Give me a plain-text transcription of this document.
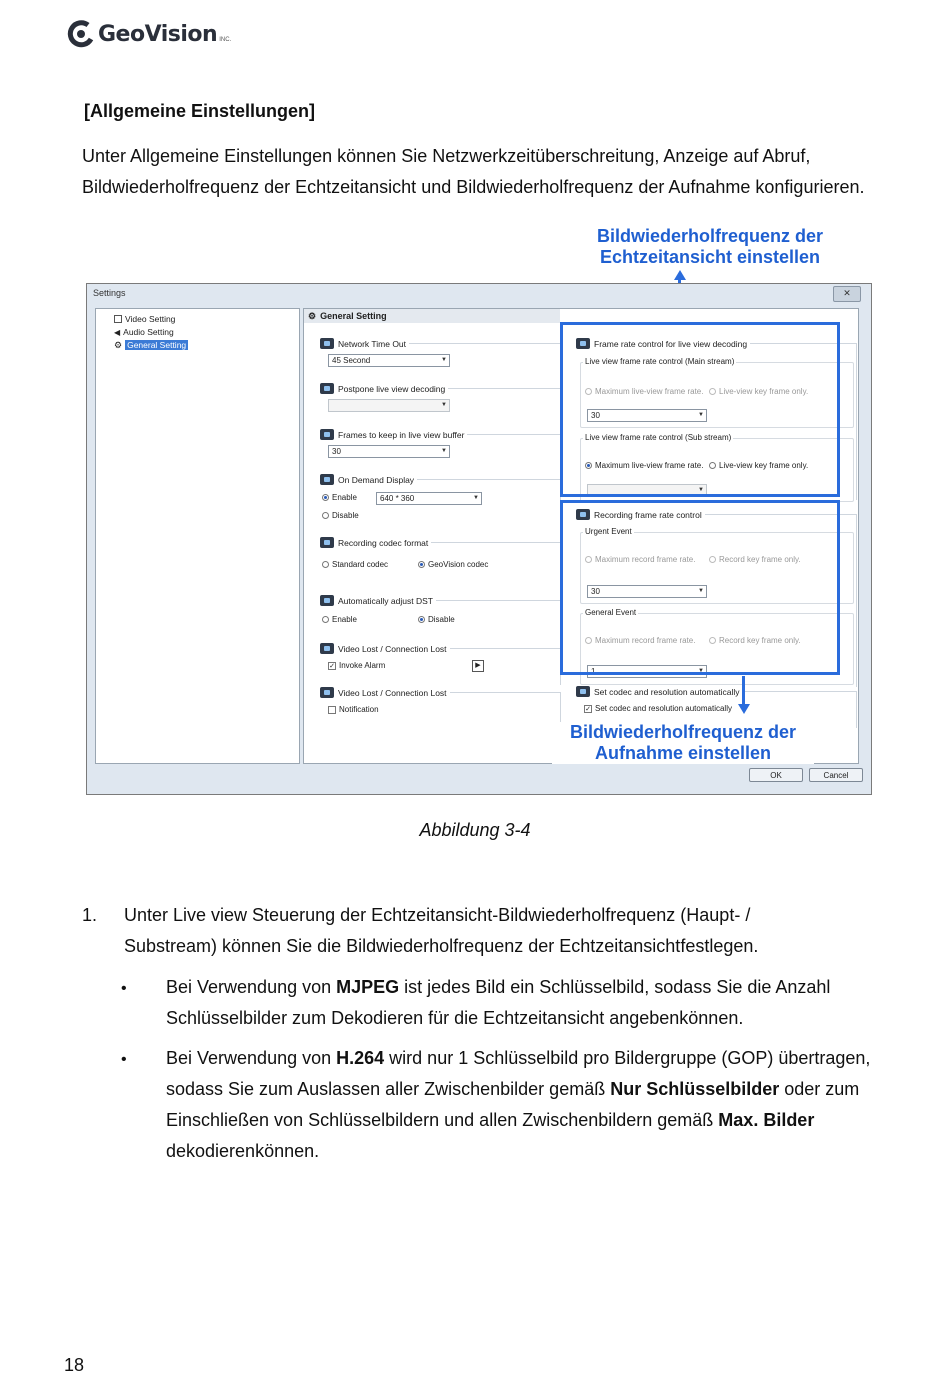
GeoVision INC.
[Allgemeine Einstellungen]
Unter Allgemeine Einstellungen können Sie Netzwerkzeitüberschreitung, Anzeige auf Abruf, Bildwiederholfrequenz der Echtzeitansicht und Bildwiederholfrequenz der Aufnahme konfigurieren.
Bildwiederholfrequenz der
Echtzeitansicht einstellen
Settings	✕
Video Setting
◀ Audio Setting
⚙ General Setting
⚙ General Setting
Network Time Out
45 Second ▼
Postpone live view decoding
▼
Frames to keep in live view buffer
30 ▼
On Demand Display
Enable	640 * 360 ▼
Disable
Recording codec format
Standard codec	GeoVision codec
Automatically adjust DST
Enable	Disable
Video Lost / Connection Lost
✓ Invoke Alarm	▶
Video Lost / Connection Lost
Notification
Frame rate control for live view decoding
Live view frame rate control (Main stream)
Maximum live-view frame rate. Live-view key frame only.
30 ▼
Live view frame rate control (Sub stream)
Maximum live-view frame rate. Live-view key frame only.
▼
Recording frame rate control
Urgent Event
Maximum record frame rate.	Record key frame only.
30 ▼
General Event
Maximum record frame rate.	Record key frame only.
1 ▼
Set codec and resolution automatically
✓ Set codec and resolution automatically
OK	Cancel
Bildwiederholfrequenz der
Aufnahme einstellen
Abbildung 3-4
1. Unter Live view Steuerung der Echtzeitansicht-Bildwiederholfrequenz (Haupt- / Substream) können Sie die Bildwiederholfrequenz der Echtzeitansichtfestlegen.
• Bei Verwendung von MJPEG ist jedes Bild ein Schlüsselbild, sodass Sie die Anzahl Schlüsselbilder zum Dekodieren für die Echtzeitansicht angebenkönnen.
• Bei Verwendung von H.264 wird nur 1 Schlüsselbild pro Bildergruppe (GOP) übertragen, sodass Sie zum Auslassen aller Zwischenbilder gemäß Nur Schlüsselbilder oder zum Einschließen von Schlüsselbildern und allen Zwischenbildern gemäß Max. Bilder dekodierenkönnen.
18
